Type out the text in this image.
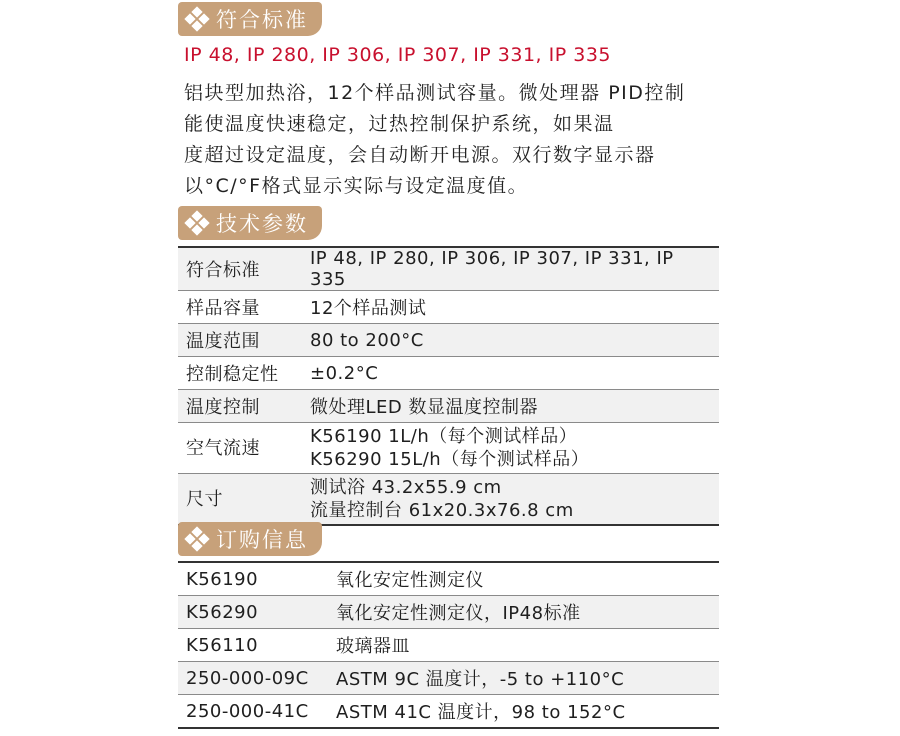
符合标准
IP 48, IP 280, IP 306, IP 307, IP 331, IP 335
铝块型加热浴，12个样品测试容量。微处理器 PID控制
能使温度快速稳定，过热控制保护系统，如果温
度超过设定温度，会自动断开电源。双行数字显示器
以°C/°F格式显示实际与设定温度值。
技术参数
符合标准	IP 48, IP 280, IP 306, IP 307, IP 331, IP 335
样品容量	12个样品测试
温度范围	80 to 200°C
控制稳定性	±0.2°C
温度控制	微处理LED 数显温度控制器
空气流速	K56190 1L/h（每个测试样品）
K56290 15L/h（每个测试样品）

尺寸	测试浴 43.2x55.9 cm
流量控制台 61x20.3x76.8 cm
订购信息
K56190	氧化安定性测定仪
K56290	氧化安定性测定仪，IP48标准
K56110	玻璃器皿
250-000-09C	ASTM 9C 温度计，-5 to +110°C
250-000-41C	ASTM 41C 温度计，98 to 152°C
